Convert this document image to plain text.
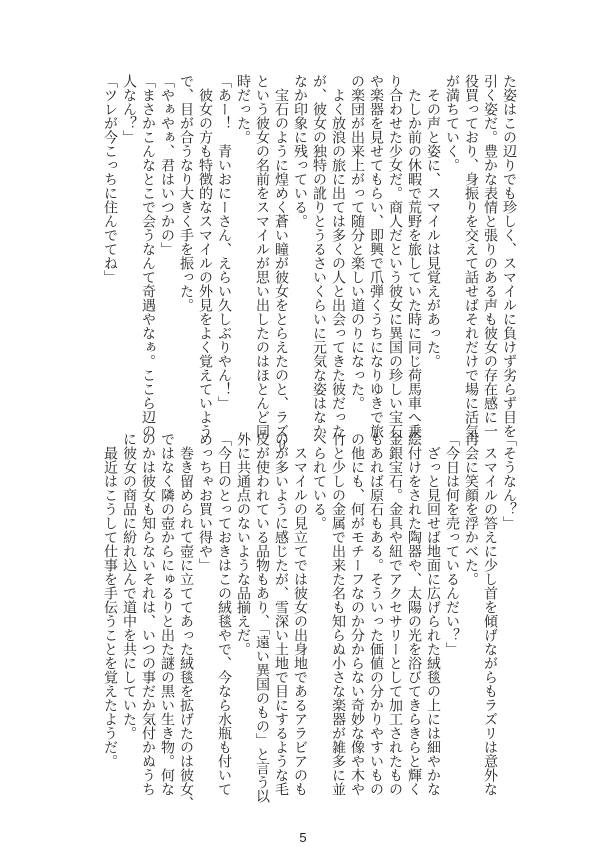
た姿はこの辺りでも珍しく、スマイルに負けず劣らず目を
引く姿だ。豊かな表情と張りのある声も彼女の存在感に一
役買っており、身振りを交えて話せばそれだけで場に活気
が満ちていく。
　その声と姿に、スマイルは見覚えがあった。
　たしか前の休暇で荒野を旅していた時に同じ荷馬車へ乗
り合わせた少女だ。商人だという彼女に異国の珍しい宝石
や楽器を見せてもらい、即興で爪弾くうちになりゆきで旅
の楽団が出来上がって随分と楽しい道のりになった。
　よく放浪の旅に出ては多くの人と出会ってきた彼だった
が、彼女の独特の訛りとうるさいくらいに元気な姿はなか
なか印象に残っている。
　宝石のように煌めく蒼い瞳が彼女をとらえたのと、ラズリ
という彼女の名前をスマイルが思い出したのはほとんど同
時だった。
「あー！　青いおにーさん、えらい久しぶりやん！」
　彼女の方も特徴的なスマイルの外見をよく覚えていよう
で、目が合うなり大きく手を振った。
「やぁやぁ、君はいつかの」
「まさかこんなとこで会うなんて奇遇やなぁ。ここら辺の
人なん？」
「ツレが今こっちに住んでてね」
「そうなん？」
　スマイルの答えに少し首を傾げながらもラズリは意外な
再会に笑顔を浮かべた。
「今日は何を売っているんだい？」
　ざっと見回せば地面に広げられた絨毯の上には細やかな
絵付けをされた陶器や、太陽の光を浴びてきらきらと輝く
金銀宝石。金具や紐でアクセサリーとして加工されたもの
もあれば原石もある。そういった価値の分かりやすいもの
の他にも、何がモチーフなのか分からない奇妙な像や木や
竹と少しの金属で出来た名も知らぬ小さな楽器が雑多に並
べられている。
　スマイルの見立てでは彼女の出身地であるアラビアのも
のが多いように感じたが、雪深い土地で目にするような毛
皮が使われている品物もあり、「遠い異国のもの」と言う以
外に共通点のないような品揃えだ。
「今日のとっておきはこの絨毯やで、今なら水瓶も付いて
めっちゃお買い得や」
　巻き留められて壺に立ててあった絨毯を拡げたのは彼女、
ではなく隣の壺からにゅるりと出た謎の黒い生き物。何な
のかは彼女も知らないそれは、いつの事だか気付かぬうち
に彼女の商品に紛れ込んで道中を共にしていた。
　最近はこうして仕事を手伝うことを覚えたようだ。
5
